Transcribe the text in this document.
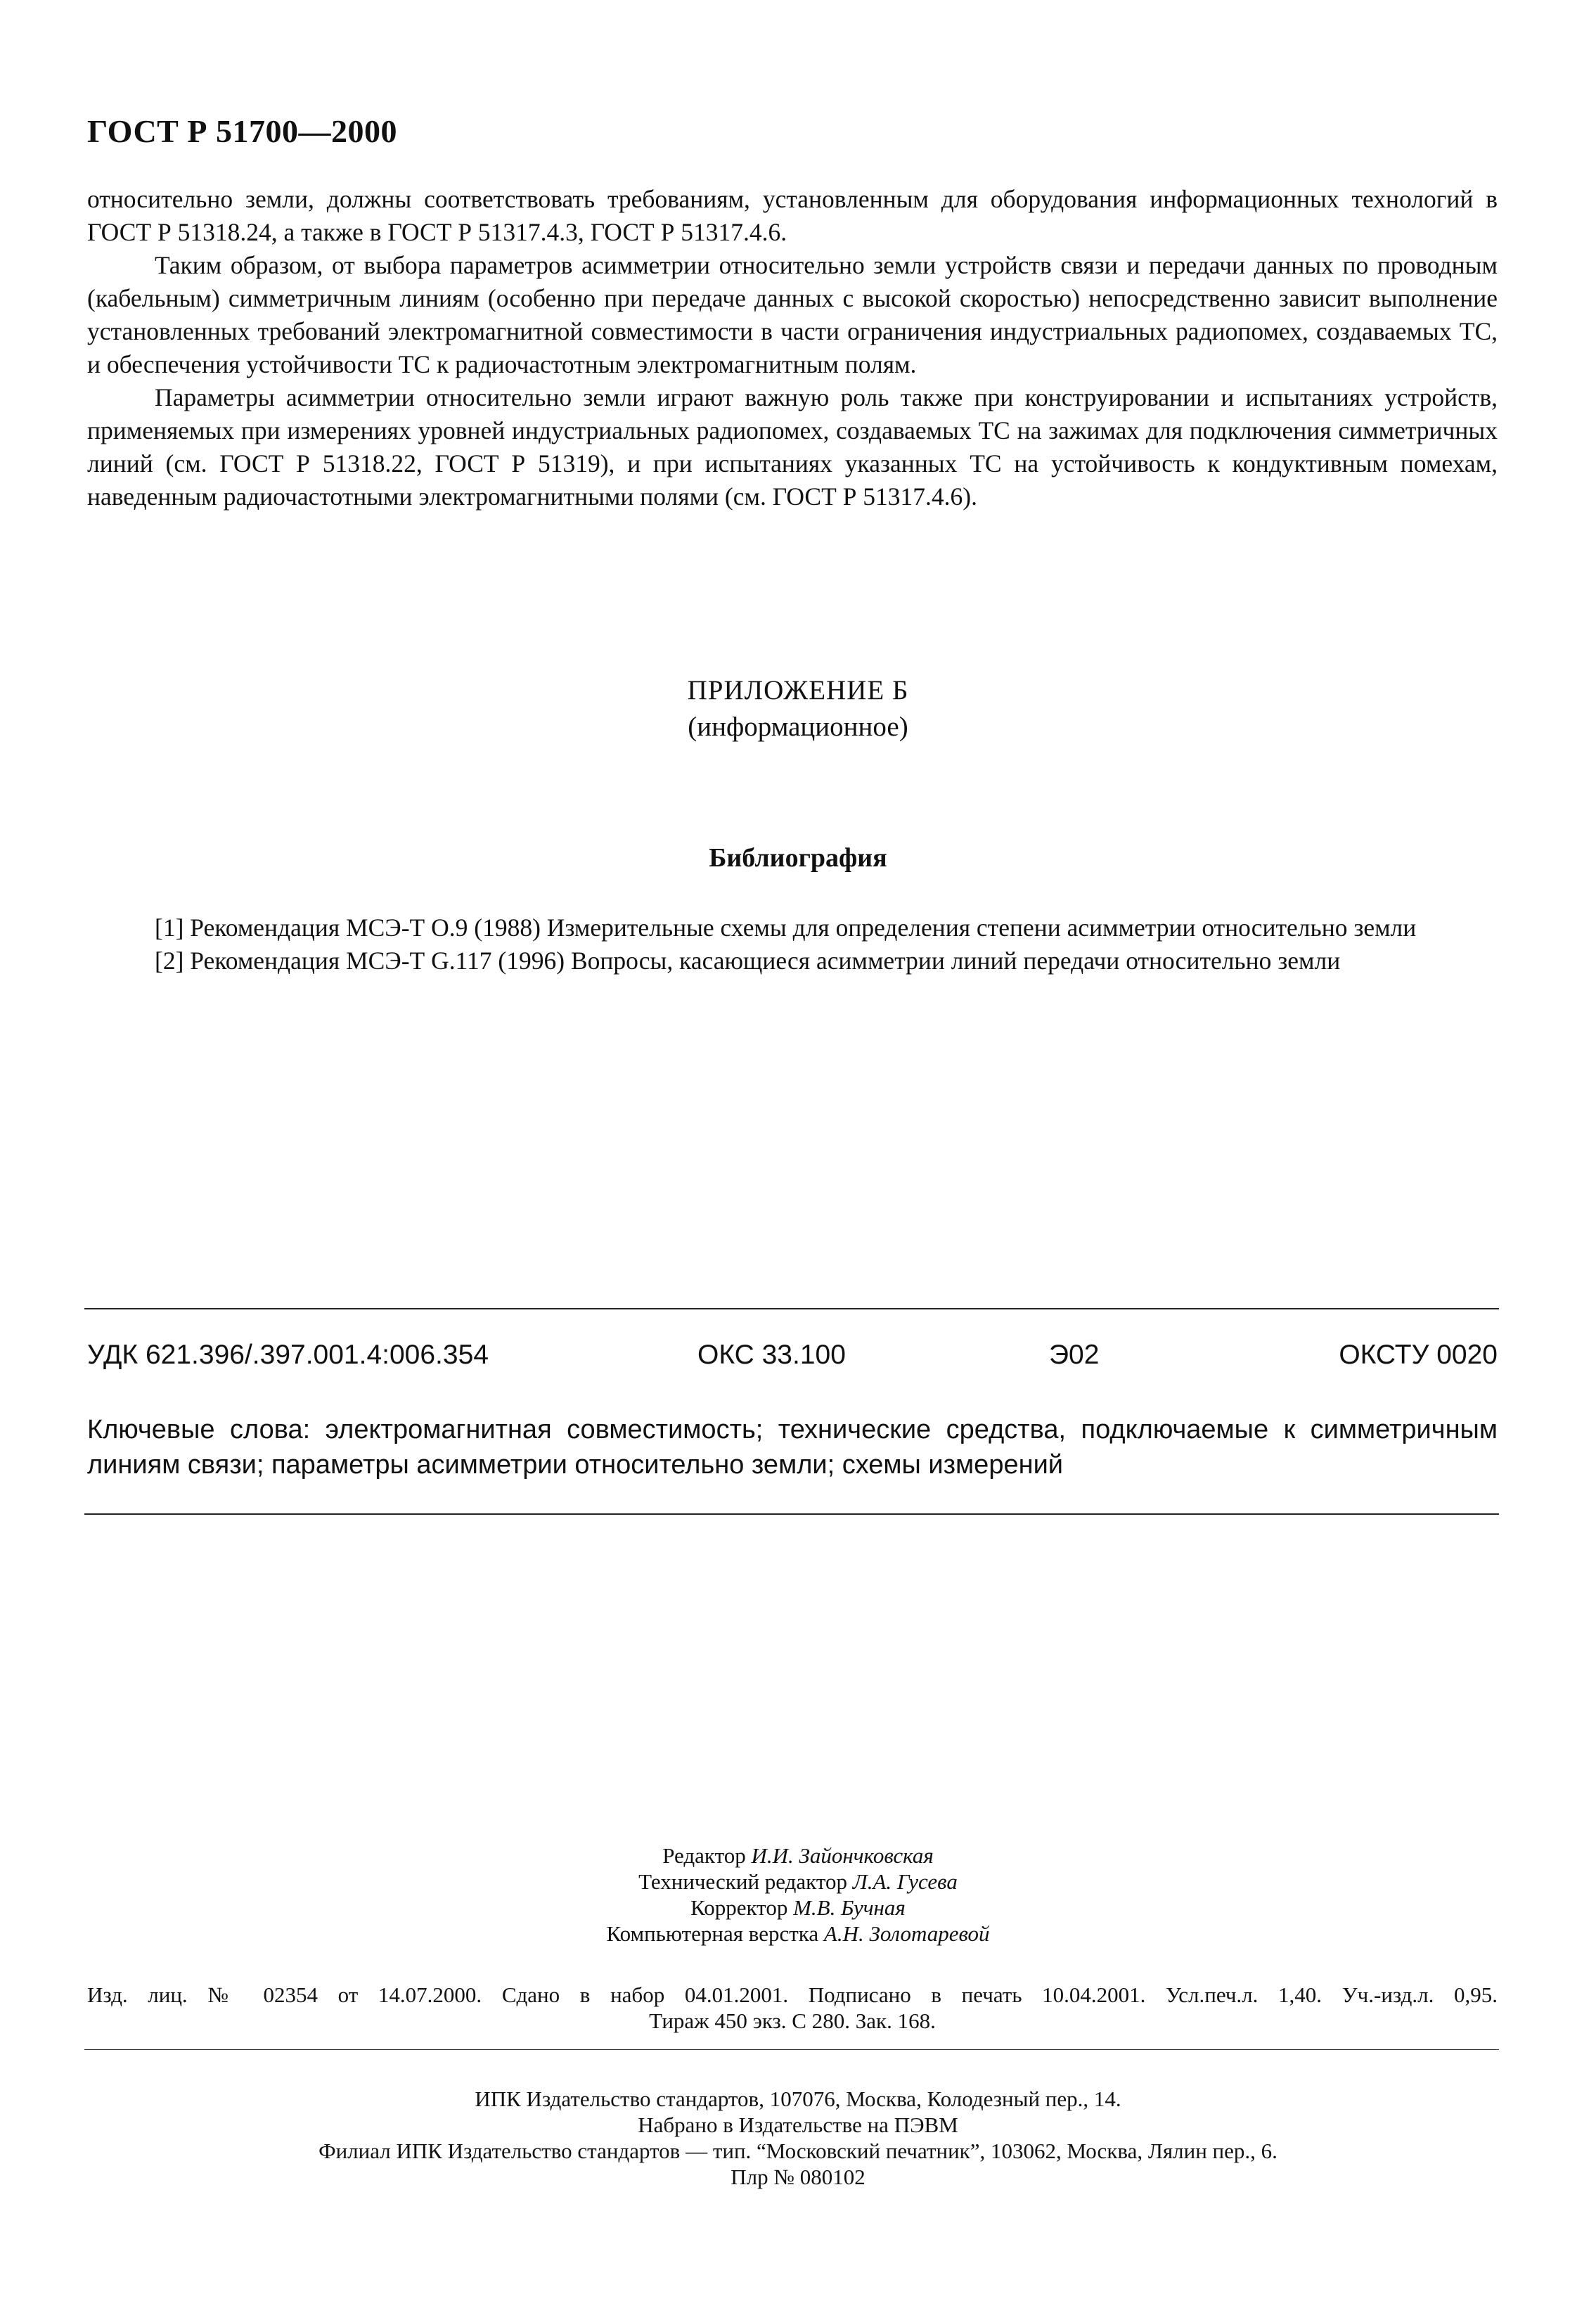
ГОСТ Р 51700—2000

относительно земли, должны соответствовать требованиям, установленным для оборудования информационных технологий в ГОСТ Р 51318.24, а также в ГОСТ Р 51317.4.3, ГОСТ Р 51317.4.6.

Таким образом, от выбора параметров асимметрии относительно земли устройств связи и передачи данных по проводным (кабельным) симметричным линиям (особенно при передаче данных с высокой скоростью) непосредственно зависит выполнение установленных требований электромагнитной совместимости в части ограничения индустриальных радиопомех, создаваемых ТС, и обеспечения устойчивости ТС к радиочастотным электромагнитным полям.

Параметры асимметрии относительно земли играют важную роль также при конструировании и испытаниях устройств, применяемых при измерениях уровней индустриальных радиопомех, создаваемых ТС на зажимах для подключения симметричных линий (см. ГОСТ Р 51318.22, ГОСТ Р 51319), и при испытаниях указанных ТС на устойчивость к кондуктивным помехам, наведенным радиочастотными электромагнитными полями (см. ГОСТ Р 51317.4.6).

ПРИЛОЖЕНИЕ Б
(информационное)
Библиография

[1] Рекомендация МСЭ-Т О.9 (1988) Измерительные схемы для определения степени асимметрии относительно земли

[2] Рекомендация МСЭ-Т G.117 (1996) Вопросы, касающиеся асимметрии линий передачи относительно земли

УДК 621.396/.397.001.4:006.354	ОКС 33.100	Э02	ОКСТУ 0020

Ключевые слова: электромагнитная совместимость; технические средства, подключаемые к симметричным линиям связи; параметры асимметрии относительно земли; схемы измерений

Редактор И.И. Зайончковская
Технический редактор Л.А. Гусева
Корректор М.В. Бучная
Компьютерная верстка А.Н. Золотаревой
Изд. лиц. № 02354 от 14.07.2000. Сдано в набор 04.01.2001. Подписано в печать 10.04.2001. Усл.печ.л. 1,40. Уч.-изд.л. 0,95.
Тираж 450 экз. С 280. Зак. 168.

ИПК Издательство стандартов, 107076, Москва, Колодезный пер., 14.

Набрано в Издательстве на ПЭВМ

Филиал ИПК Издательство стандартов — тип. “Московский печатник”, 103062, Москва, Лялин пер., 6.

Плр № 080102
